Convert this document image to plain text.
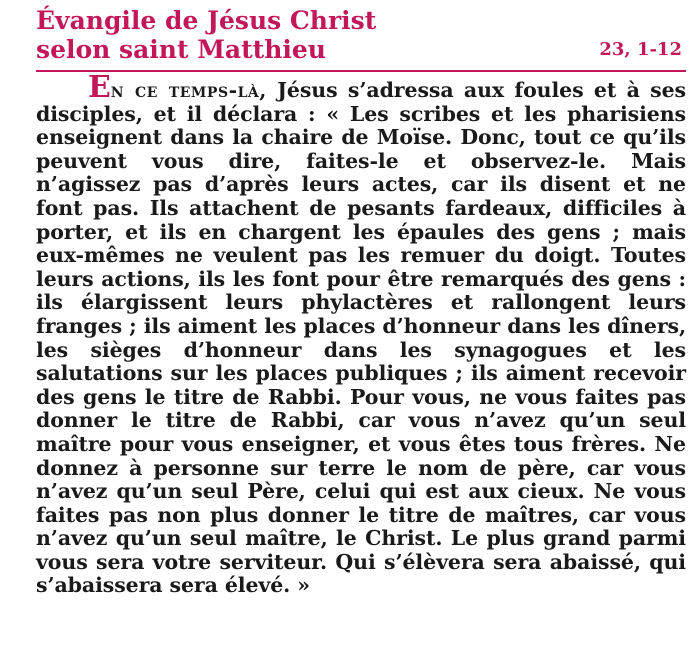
Évangile de Jésus Christ
selon saint Matthieu	23, 1-12

En ce temps-là, Jésus s’adressa aux foules et à ses disciples, et il déclara : « Les scribes et les pharisiens enseignent dans la chaire de Moïse. Donc, tout ce qu’ils peuvent vous dire, faites-le et observez-le. Mais n’agissez pas d’après leurs actes, car ils disent et ne font pas. Ils attachent de pesants fardeaux, difficiles à porter, et ils en chargent les épaules des gens ; mais eux-mêmes ne veulent pas les remuer du doigt. Toutes leurs actions, ils les font pour être remarqués des gens : ils élargissent leurs phylactères et rallongent leurs franges ; ils aiment les places d’honneur dans les dîners, les sièges d’honneur dans les synagogues et les salutations sur les places publiques ; ils aiment recevoir des gens le titre de Rabbi. Pour vous, ne vous faites pas donner le titre de Rabbi, car vous n’avez qu’un seul maître pour vous enseigner, et vous êtes tous frères. Ne donnez à personne sur terre le nom de père, car vous n’avez qu’un seul Père, celui qui est aux cieux. Ne vous faites pas non plus donner le titre de maîtres, car vous n’avez qu’un seul maître, le Christ. Le plus grand parmi vous sera votre serviteur. Qui s’élèvera sera abaissé, qui s’abaissera sera élevé. »
